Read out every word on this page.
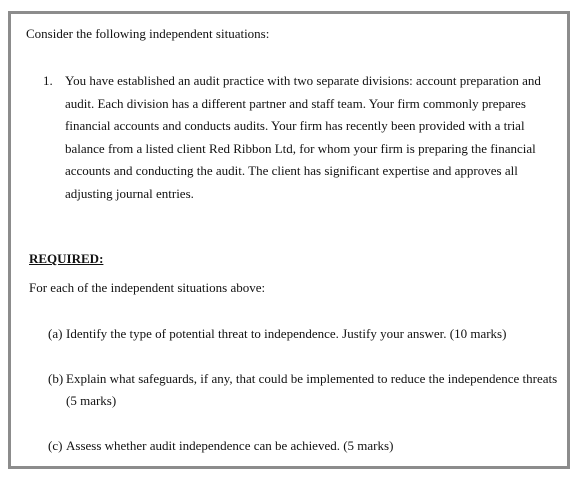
Consider the following independent situations:
1. You have established an audit practice with two separate divisions: account preparation and audit. Each division has a different partner and staff team. Your firm commonly prepares financial accounts and conducts audits. Your firm has recently been provided with a trial balance from a listed client Red Ribbon Ltd, for whom your firm is preparing the financial accounts and conducting the audit. The client has significant expertise and approves all adjusting journal entries.
REQUIRED:
For each of the independent situations above:
(a) Identify the type of potential threat to independence. Justify your answer. (10 marks)
(b) Explain what safeguards, if any, that could be implemented to reduce the independence threats (5 marks)
(c) Assess whether audit independence can be achieved. (5 marks)
